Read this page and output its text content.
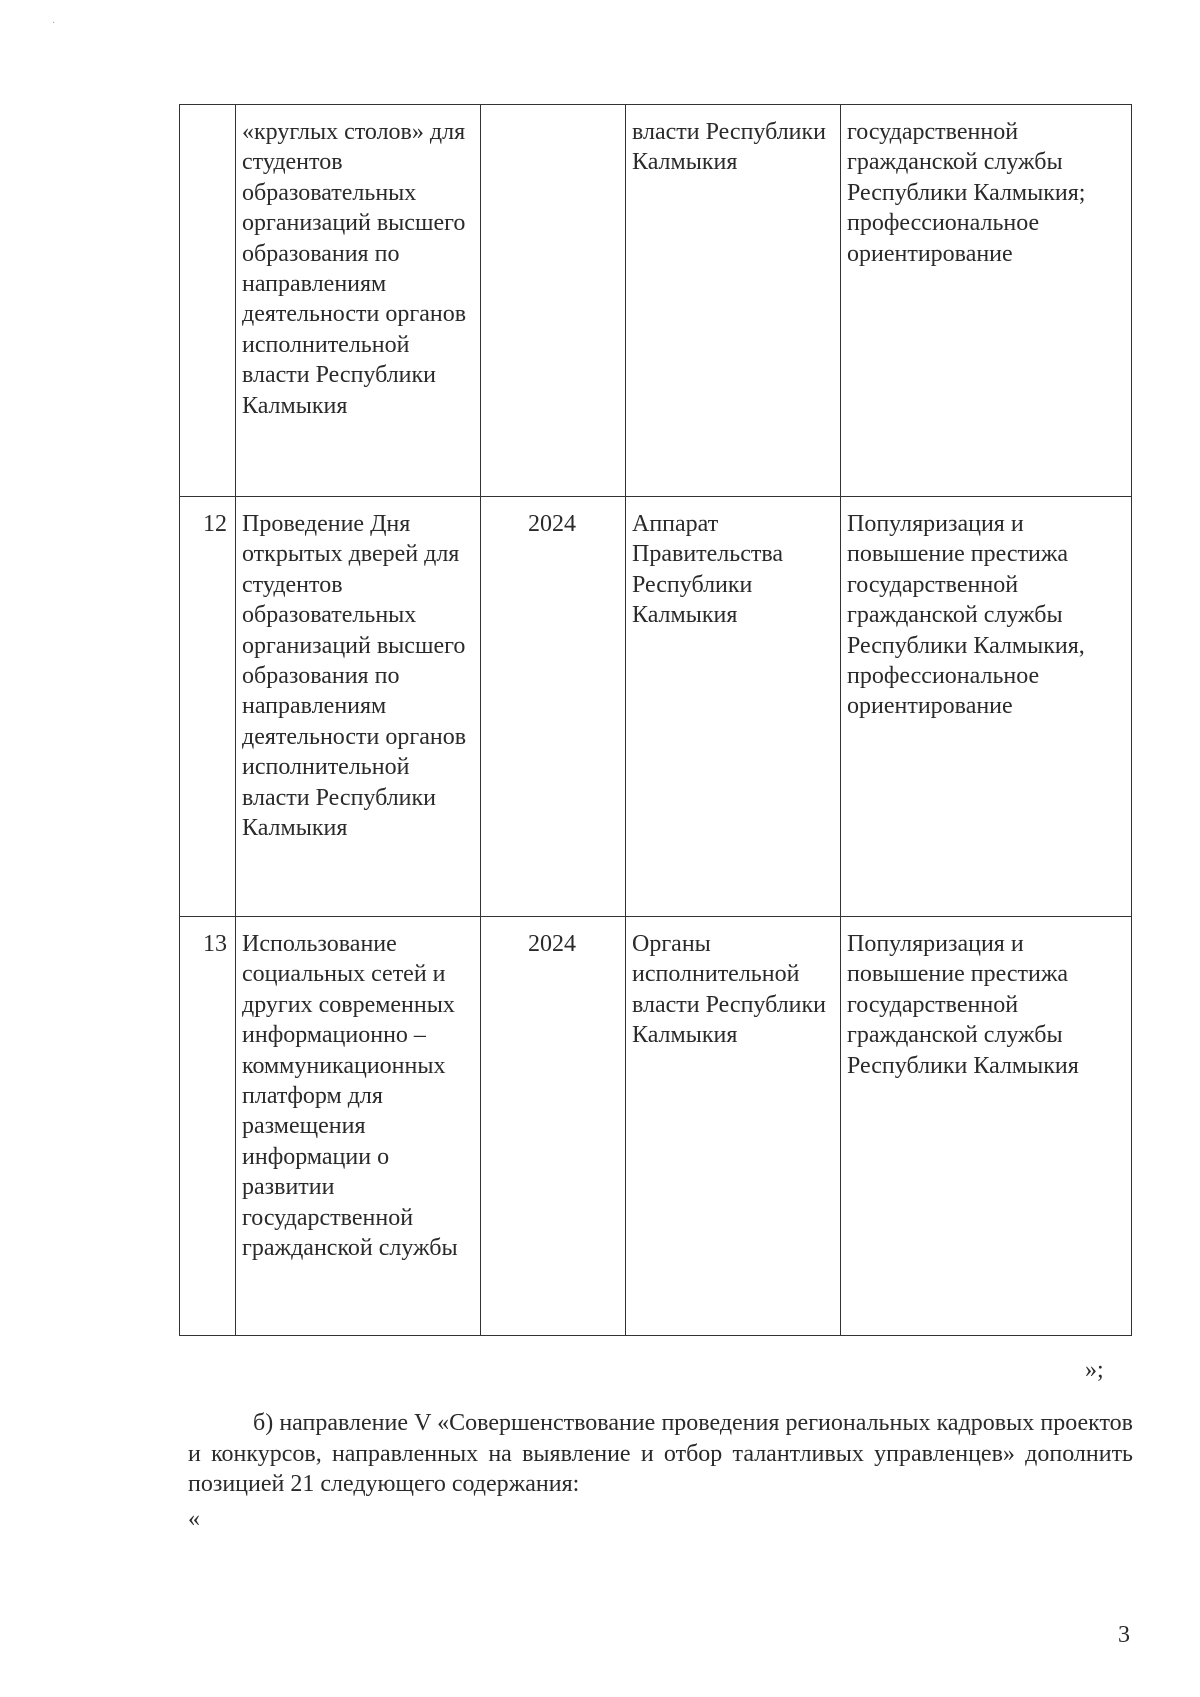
	«круглых столов» для студентов образовательных организаций высшего образования по направлениям деятельности органов исполнительной власти Республики Калмыкия		власти Республики Калмыкия	государственной гражданской службы Республики Калмыкия; профессиональное ориентирование
12	Проведение Дня открытых дверей для студентов образовательных организаций высшего образования по направлениям деятельности органов исполнительной власти Республики Калмыкия	2024	Аппарат Правительства Республики Калмыкия	Популяризация и повышение престижа государственной гражданской службы Республики Калмыкия, профессиональное ориентирование
13	Использование социальных сетей и других современных информационно – коммуникационных платформ для размещения информации о развитии государственной гражданской службы	2024	Органы исполнительной власти Республики Калмыкия	Популяризация и повышение престижа государственной гражданской службы Республики Калмыкия
»;

б) направление V «Совершенствование проведения региональных кадровых проектов и конкурсов, направленных на выявление и отбор талантливых управленцев» дополнить позицией 21 следующего содержания:

«
3
·
